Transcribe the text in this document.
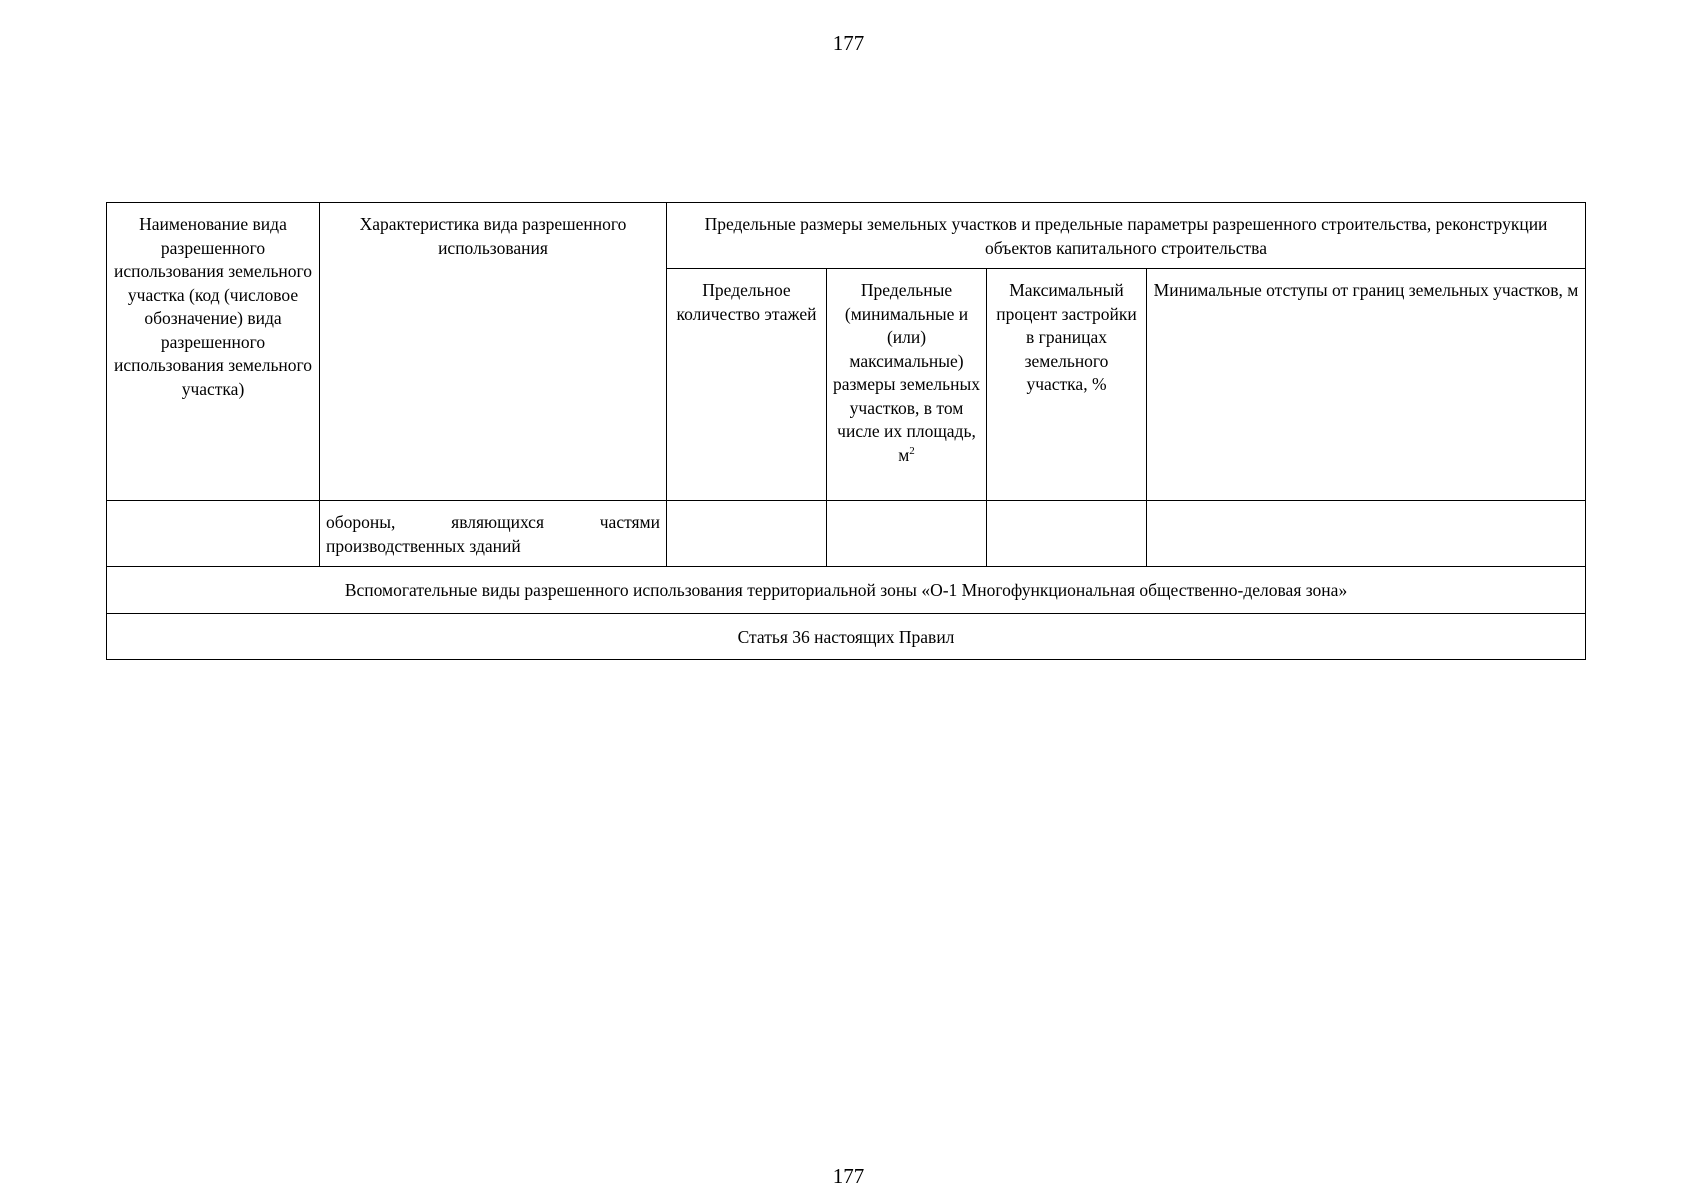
177
Наименование вида разрешенного использования земельного участка (код (числовое обозначение) вида разрешенного использования земельного участка)	Характеристика вида разрешенного использования	Предельные размеры земельных участков и предельные параметры разрешенного строительства, реконструкции объектов капитального строительства			
		Предельное количество этажей	Предельные (минимальные и (или) максимальные) размеры земельных участков, в том числе их площадь, $м^2$	Максимальный процент застройки в границах земельного участка, %	Минимальные отступы от границ земельных участков, м
	обороны, являющихся частями
производственных зданий				

Вспомогательные виды разрешенного использования территориальной зоны «О-1 Многофункциональная общественно-деловая зона»					
Статья 36 настоящих Правил					
177
